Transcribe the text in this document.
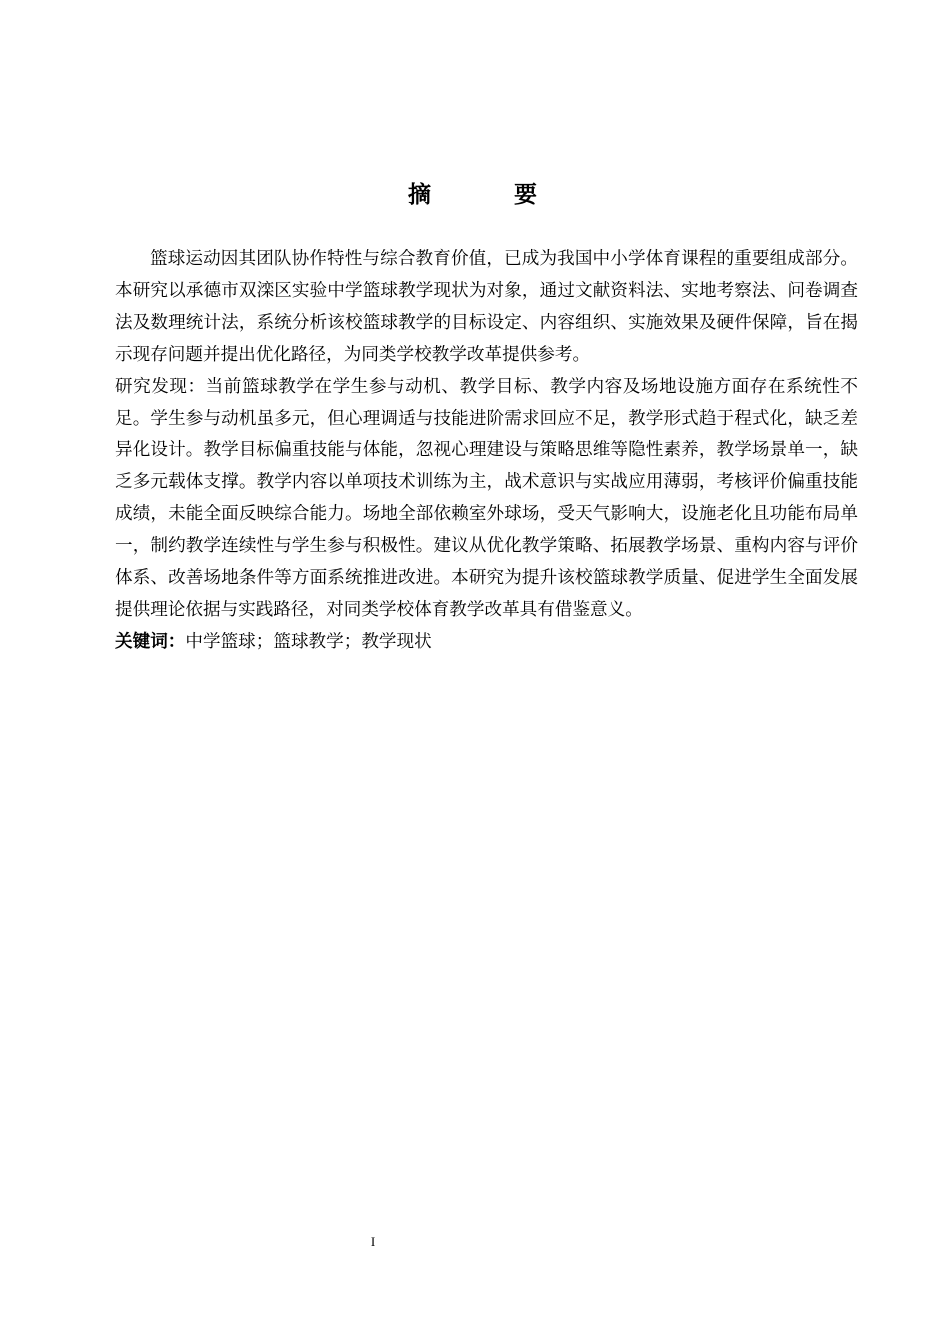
摘　要

篮球运动因其团队协作特性与综合教育价值，已成为我国中小学体育课程的重要组成部分。本研究以承德市双滦区实验中学篮球教学现状为对象，通过文献资料法、实地考察法、问卷调查法及数理统计法，系统分析该校篮球教学的目标设定、内容组织、实施效果及硬件保障，旨在揭示现存问题并提出优化路径，为同类学校教学改革提供参考。

研究发现：当前篮球教学在学生参与动机、教学目标、教学内容及场地设施方面存在系统性不足。学生参与动机虽多元，但心理调适与技能进阶需求回应不足，教学形式趋于程式化，缺乏差异化设计。教学目标偏重技能与体能，忽视心理建设与策略思维等隐性素养，教学场景单一，缺乏多元载体支撑。教学内容以单项技术训练为主，战术意识与实战应用薄弱，考核评价偏重技能成绩，未能全面反映综合能力。场地全部依赖室外球场，受天气影响大，设施老化且功能布局单一，制约教学连续性与学生参与积极性。建议从优化教学策略、拓展教学场景、重构内容与评价体系、改善场地条件等方面系统推进改进。本研究为提升该校篮球教学质量、促进学生全面发展提供理论依据与实践路径，对同类学校体育教学改革具有借鉴意义。

关键词：中学篮球；篮球教学；教学现状

I
